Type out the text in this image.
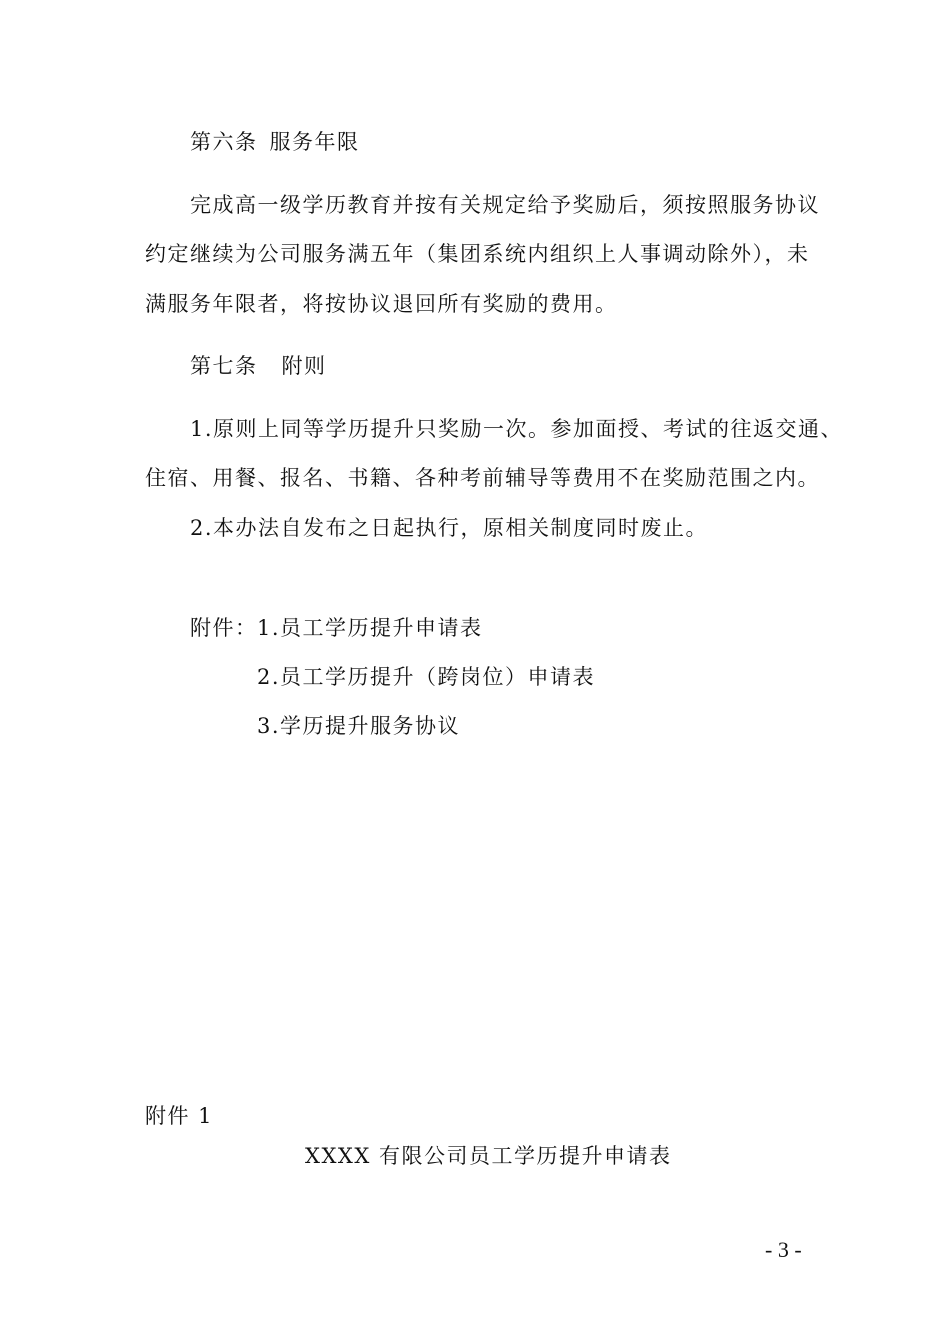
第六条 服务年限
完成高一级学历教育并按有关规定给予奖励后，须按照服务协议
约定继续为公司服务满五年（集团系统内组织上人事调动除外），未
满服务年限者，将按协议退回所有奖励的费用。
第七条 附则
1.原则上同等学历提升只奖励一次。参加面授、考试的往返交通、
住宿、用餐、报名、书籍、各种考前辅导等费用不在奖励范围之内。
2.本办法自发布之日起执行，原相关制度同时废止。
附件： 1.员工学历提升申请表
2.员工学历提升（跨岗位）申请表
3.学历提升服务协议
附件 1
XXXX 有限公司员工学历提升申请表
- 3 -
